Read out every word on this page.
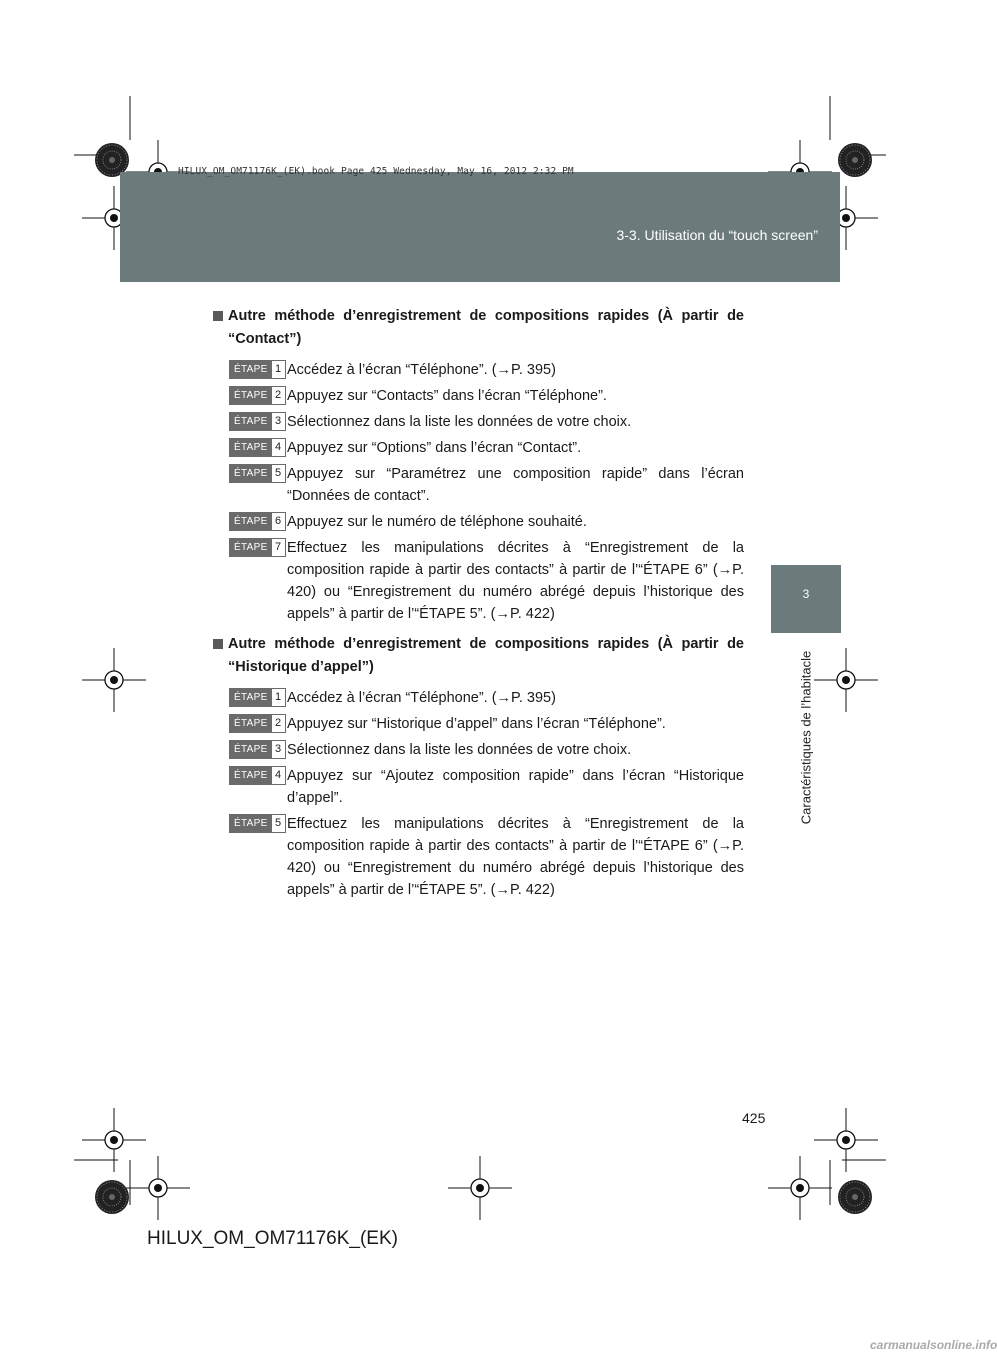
3-3. Utilisation du “touch screen”
HILUX_OM_OM71176K_(EK).book Page 425 Wednesday, May 16, 2012 2:32 PM
3
Caractéristiques de l’habitacle
Autre méthode d’enregistrement de compositions rapides (À partir de “Contact”)
ÉTAPE 1 Accédez à l’écran “Téléphone”. (→P. 395)
ÉTAPE 2 Appuyez sur “Contacts” dans l’écran “Téléphone”.
ÉTAPE 3 Sélectionnez dans la liste les données de votre choix.
ÉTAPE 4 Appuyez sur “Options” dans l’écran “Contact”.
ÉTAPE 5 Appuyez sur “Paramétrez une composition rapide” dans l’écran “Données de contact”.
ÉTAPE 6 Appuyez sur le numéro de téléphone souhaité.
ÉTAPE 7 Effectuez les manipulations décrites à “Enregistrement de la composition rapide à partir des contacts” à partir de l’“ÉTAPE 6” (→P. 420) ou “Enregistrement du numéro abrégé depuis l’historique des appels” à partir de l’“ÉTAPE 5”. (→P. 422)
Autre méthode d’enregistrement de compositions rapides (À partir de “Historique d’appel”)
ÉTAPE 1 Accédez à l’écran “Téléphone”. (→P. 395)
ÉTAPE 2 Appuyez sur “Historique d’appel” dans l’écran “Téléphone”.
ÉTAPE 3 Sélectionnez dans la liste les données de votre choix.
ÉTAPE 4 Appuyez sur “Ajoutez composition rapide” dans l’écran “Historique d’appel”.
ÉTAPE 5 Effectuez les manipulations décrites à “Enregistrement de la composition rapide à partir des contacts” à partir de l’“ÉTAPE 6” (→P. 420) ou “Enregistrement du numéro abrégé depuis l’historique des appels” à partir de l’“ÉTAPE 5”. (→P. 422)
425
HILUX_OM_OM71176K_(EK)
carmanualsonline.info
